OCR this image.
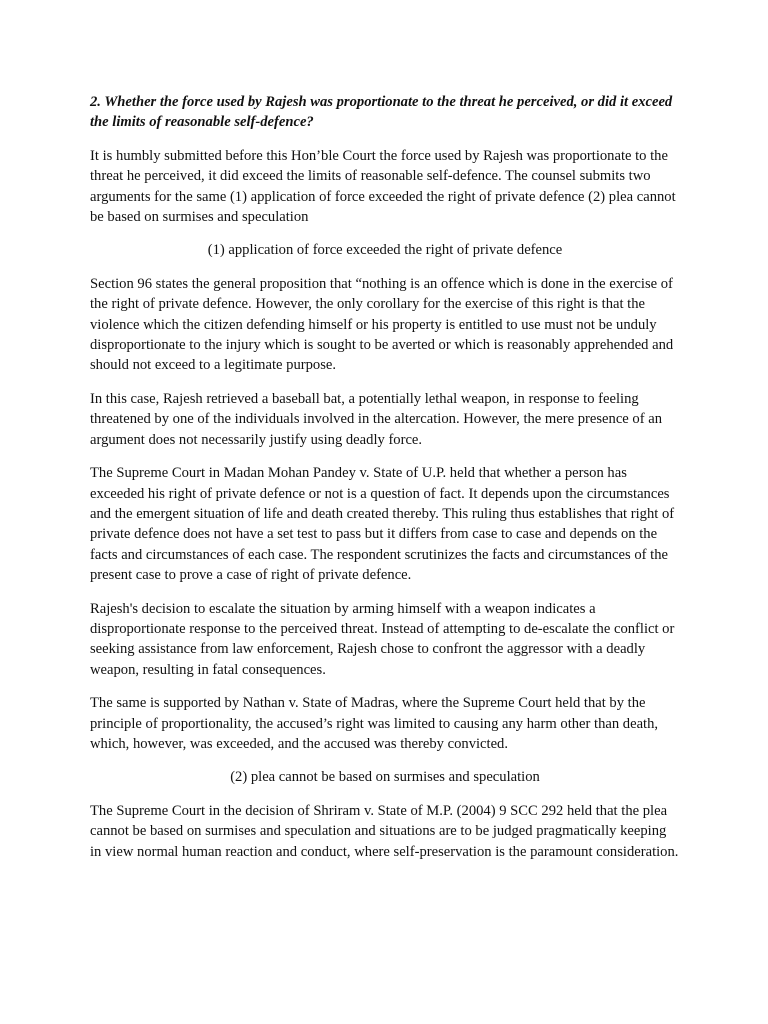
2. Whether the force used by Rajesh was proportionate to the threat he perceived, or did it exceed the limits of reasonable self-defence?

It is humbly submitted before this Hon’ble Court the force used by Rajesh was proportionate to the threat he perceived, it did exceed the limits of reasonable self-defence. The counsel submits two arguments for the same (1) application of force exceeded the right of private defence (2) plea cannot be based on surmises and speculation

(1) application of force exceeded the right of private defence

Section 96 states the general proposition that “nothing is an offence which is done in the exercise of the right of private defence. However, the only corollary for the exercise of this right is that the violence which the citizen defending himself or his property is entitled to use must not be unduly disproportionate to the injury which is sought to be averted or which is reasonably apprehended and should not exceed to a legitimate purpose.

In this case, Rajesh retrieved a baseball bat, a potentially lethal weapon, in response to feeling threatened by one of the individuals involved in the altercation. However, the mere presence of an argument does not necessarily justify using deadly force.

The Supreme Court in Madan Mohan Pandey v. State of U.P. held that whether a person has exceeded his right of private defence or not is a question of fact. It depends upon the circumstances and the emergent situation of life and death created thereby. This ruling thus establishes that right of private defence does not have a set test to pass but it differs from case to case and depends on the facts and circumstances of each case. The respondent scrutinizes the facts and circumstances of the present case to prove a case of right of private defence.

Rajesh's decision to escalate the situation by arming himself with a weapon indicates a disproportionate response to the perceived threat. Instead of attempting to de-escalate the conflict or seeking assistance from law enforcement, Rajesh chose to confront the aggressor with a deadly weapon, resulting in fatal consequences.

The same is supported by Nathan v. State of Madras, where the Supreme Court held that by the principle of proportionality, the accused’s right was limited to causing any harm other than death, which, however, was exceeded, and the accused was thereby convicted.

(2) plea cannot be based on surmises and speculation

The Supreme Court in the decision of Shriram v. State of M.P. (2004) 9 SCC 292 held that the plea cannot be based on surmises and speculation and situations are to be judged pragmatically keeping in view normal human reaction and conduct, where self-preservation is the paramount consideration.
